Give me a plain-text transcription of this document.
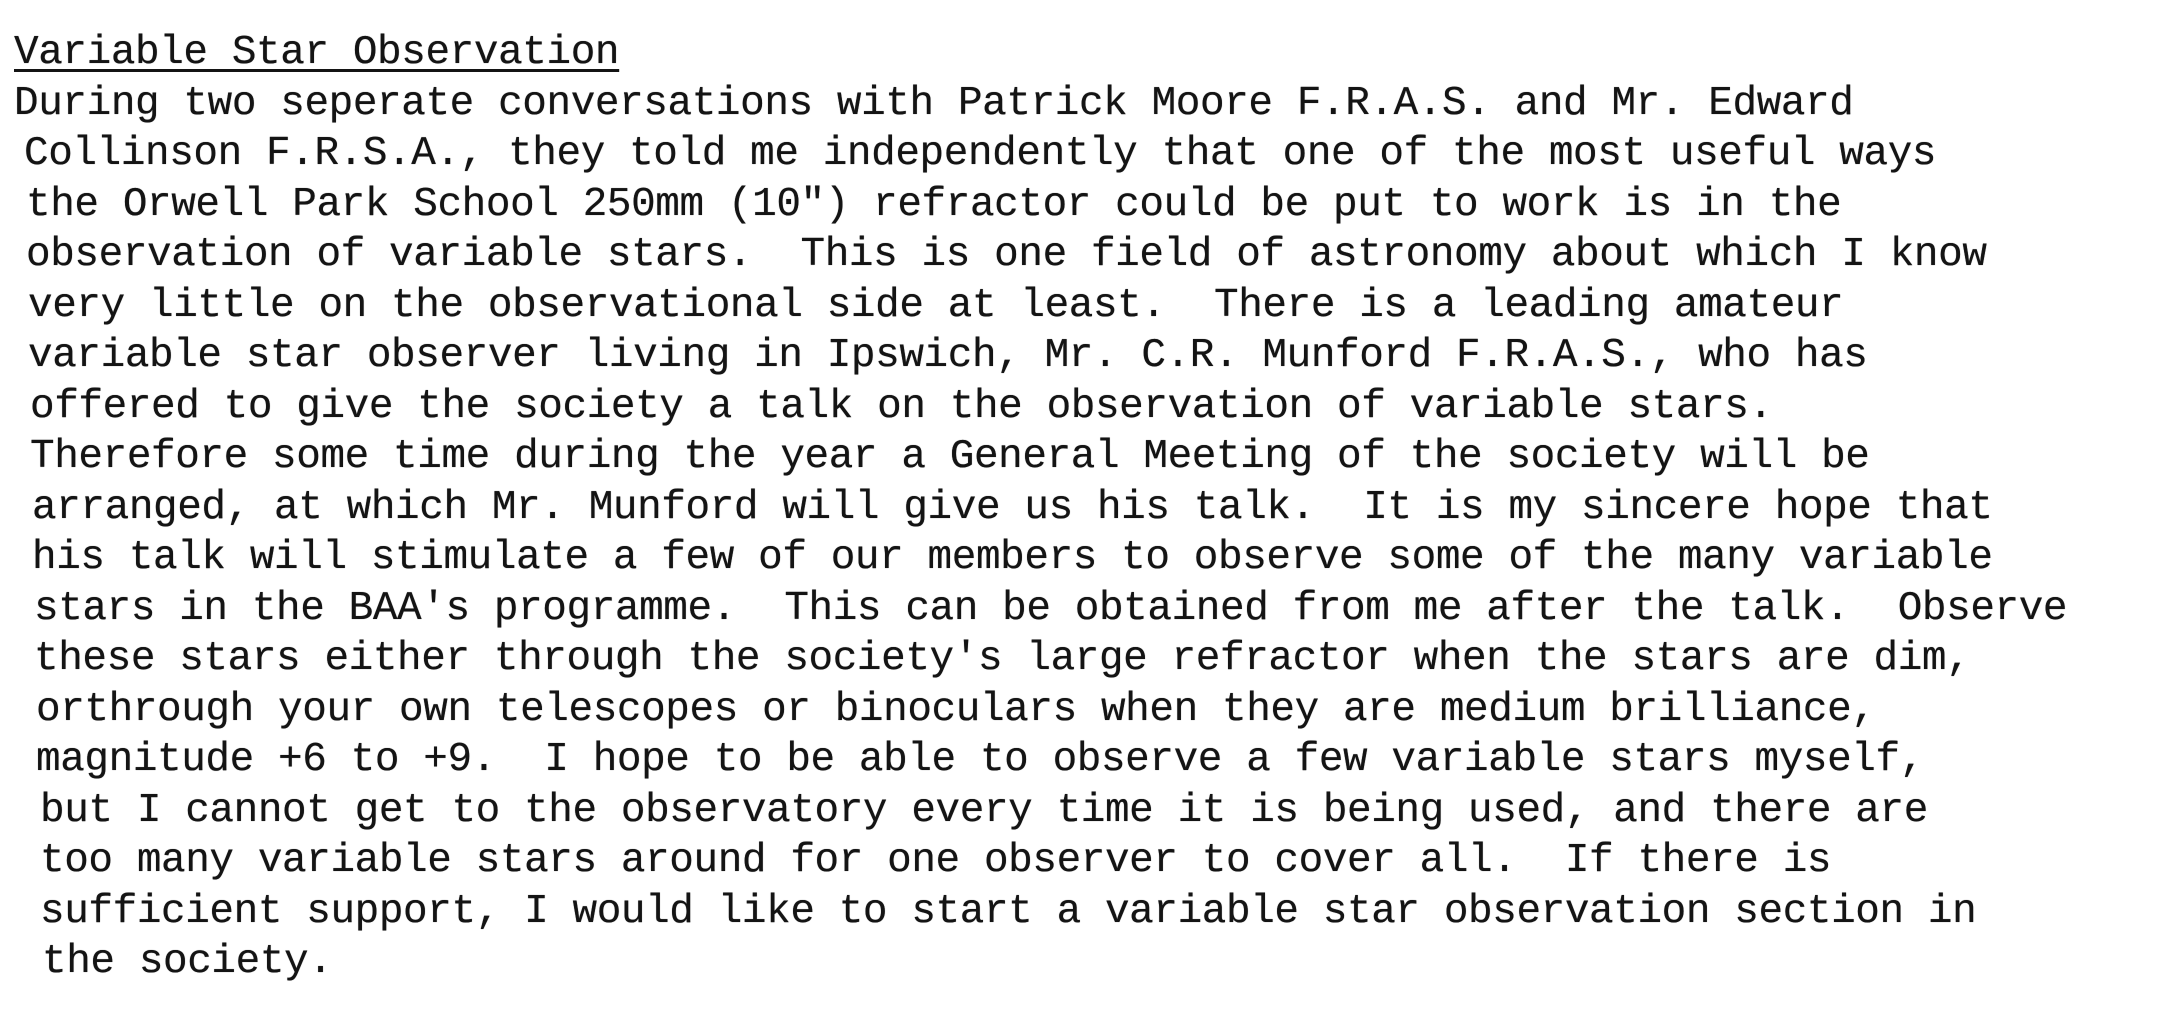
Variable Star Observation
During two seperate conversations with Patrick Moore F.R.A.S. and Mr. Edward
Collinson F.R.S.A., they told me independently that one of the most useful ways
the Orwell Park School 250mm (10") refractor could be put to work is in the
observation of variable stars.  This is one field of astronomy about which I know
very little on the observational side at least.  There is a leading amateur
variable star observer living in Ipswich, Mr. C.R. Munford F.R.A.S., who has
offered to give the society a talk on the observation of variable stars.
Therefore some time during the year a General Meeting of the society will be
arranged, at which Mr. Munford will give us his talk.  It is my sincere hope that
his talk will stimulate a few of our members to observe some of the many variable
stars in the BAA's programme.  This can be obtained from me after the talk.  Observe
these stars either through the society's large refractor when the stars are dim,
orthrough your own telescopes or binoculars when they are medium brilliance,
magnitude +6 to +9.  I hope to be able to observe a few variable stars myself,
but I cannot get to the observatory every time it is being used, and there are
too many variable stars around for one observer to cover all.  If there is
sufficient support, I would like to start a variable star observation section in
the society.
